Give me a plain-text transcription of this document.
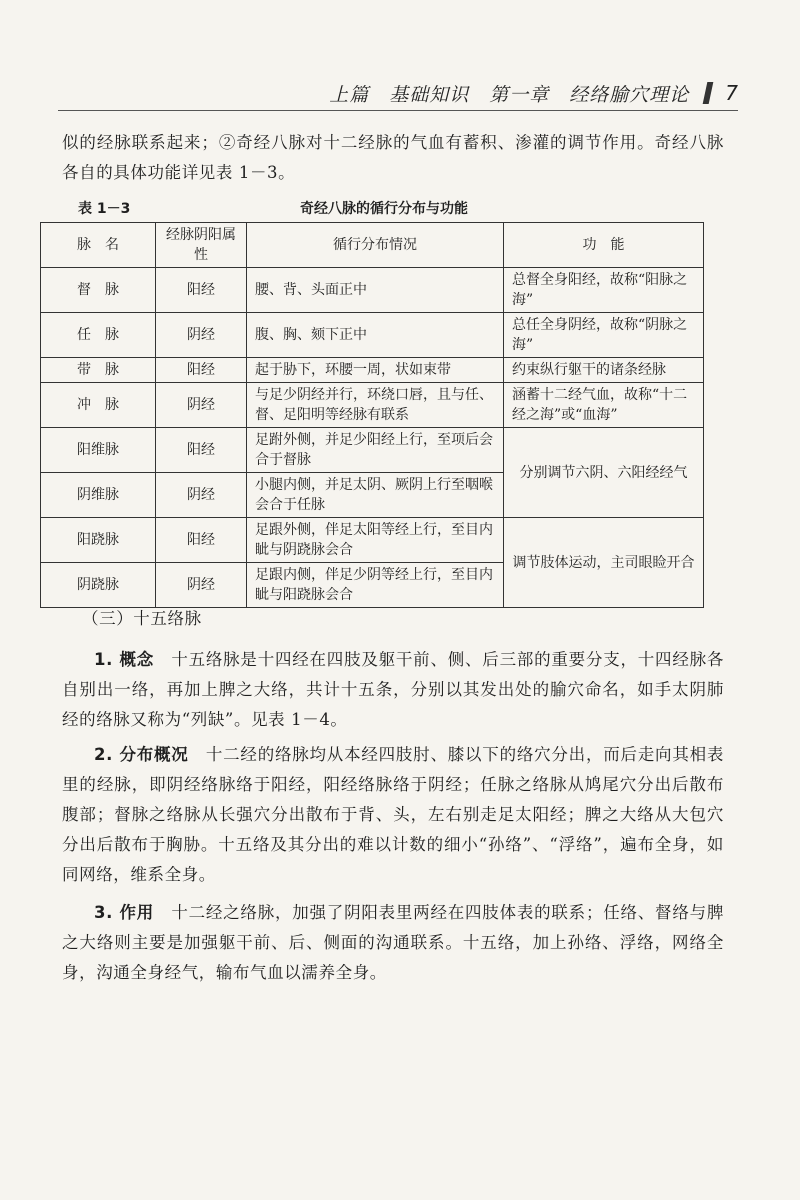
上篇　基础知识　第一章　经络腧穴理论 7
似的经脉联系起来；②奇经八脉对十二经脉的气血有蓄积、渗灌的调节作用。奇经八脉各自的具体功能详见表 1－3。
表 1－3	奇经八脉的循行分布与功能
脉　名	经脉阴阳属性	循行分布情况	功　能
督　脉	阳经	腰、背、头面正中	总督全身阳经，故称“阳脉之海”
任　脉	阴经	腹、胸、颏下正中	总任全身阴经，故称“阴脉之海”
带　脉	阳经	起于胁下，环腰一周，状如束带	约束纵行躯干的诸条经脉
冲　脉	阴经	与足少阴经并行，环绕口唇，且与任、督、足阳明等经脉有联系	涵蓄十二经气血，故称“十二经之海”或“血海”
阳维脉	阳经	足跗外侧，并足少阳经上行，至项后会合于督脉	分别调节六阴、六阳经经气
阴维脉	阴经	小腿内侧，并足太阴、厥阴上行至咽喉会合于任脉	
阳跷脉	阳经	足跟外侧，伴足太阳等经上行，至目内眦与阴跷脉会合	调节肢体运动，主司眼睑开合
阴跷脉	阴经	足跟内侧，伴足少阴等经上行，至目内眦与阳跷脉会合	
（三）十五络脉
1. 概念　 十五络脉是十四经在四肢及躯干前、侧、后三部的重要分支，十四经脉各自别出一络，再加上脾之大络，共计十五条，分别以其发出处的腧穴命名，如手太阴肺经的络脉又称为“列缺”。见表 1－4。
2. 分布概况　 十二经的络脉均从本经四肢肘、膝以下的络穴分出，而后走向其相表里的经脉，即阴经络脉络于阳经，阳经络脉络于阴经；任脉之络脉从鸠尾穴分出后散布腹部；督脉之络脉从长强穴分出散布于背、头，左右别走足太阳经；脾之大络从大包穴分出后散布于胸胁。十五络及其分出的难以计数的细小“孙络”、“浮络”，遍布全身，如同网络，维系全身。
3. 作用　 十二经之络脉，加强了阴阳表里两经在四肢体表的联系；任络、督络与脾之大络则主要是加强躯干前、后、侧面的沟通联系。十五络，加上孙络、浮络，网络全身，沟通全身经气，输布气血以濡养全身。
